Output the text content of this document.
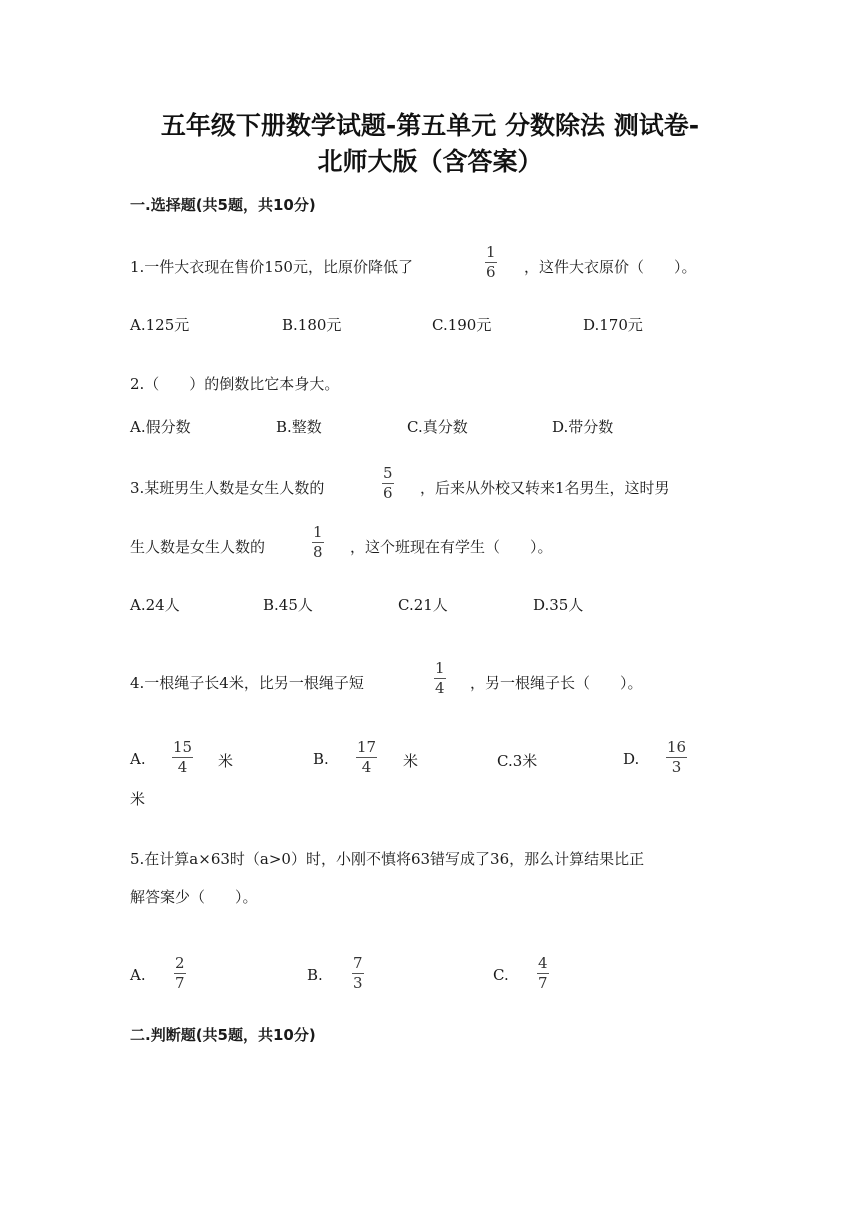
五年级下册数学试题-第五单元 分数除法 测试卷-
北师大版（含答案）
一.选择题(共5题，共10分)
1.一件大衣现在售价150元，比原价降低了
1
6 ，这件大衣原价（　　）。
A.125元	B.180元	C.190元	D.170元
2.（　　）的倒数比它本身大。
A.假分数	B.整数	C.真分数	D.带分数
3.某班男生人数是女生人数的
5
6 ，后来从外校又转来1名男生，这时男
生人数是女生人数的
1
8 ，这个班现在有学生（　　）。
A.24人	B.45人	C.21人	D.35人
4.一根绳子长4米，比另一根绳子短
1
4 ，另一根绳子长（　　）。
A.
15
4 米	B.
17
4 米	C.3米	D.
16
3
米
5.在计算a×63时（a>0）时，小刚不慎将63错写成了36，那么计算结果比正
解答案少（　　）。
A.
2
7	B.
7
3	C.
4
7
二.判断题(共5题，共10分)
